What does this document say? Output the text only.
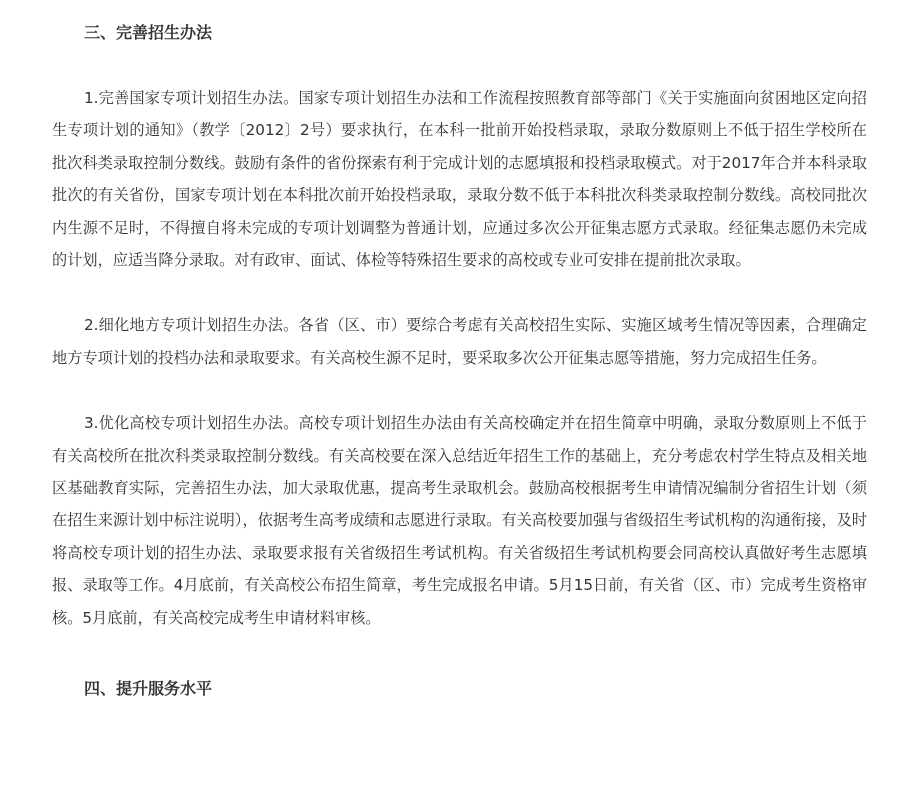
三、完善招生办法

1.完善国家专项计划招生办法。国家专项计划招生办法和工作流程按照教育部等部门《关于实施面向贫困地区定向招生专项计划的通知》（教学〔2012〕2号）要求执行，在本科一批前开始投档录取，录取分数原则上不低于招生学校所在批次科类录取控制分数线。鼓励有条件的省份探索有利于完成计划的志愿填报和投档录取模式。对于2017年合并本科录取批次的有关省份，国家专项计划在本科批次前开始投档录取，录取分数不低于本科批次科类录取控制分数线。高校同批次内生源不足时，不得擅自将未完成的专项计划调整为普通计划，应通过多次公开征集志愿方式录取。经征集志愿仍未完成的计划，应适当降分录取。对有政审、面试、体检等特殊招生要求的高校或专业可安排在提前批次录取。

2.细化地方专项计划招生办法。各省（区、市）要综合考虑有关高校招生实际、实施区域考生情况等因素，合理确定地方专项计划的投档办法和录取要求。有关高校生源不足时，要采取多次公开征集志愿等措施，努力完成招生任务。

3.优化高校专项计划招生办法。高校专项计划招生办法由有关高校确定并在招生简章中明确，录取分数原则上不低于有关高校所在批次科类录取控制分数线。有关高校要在深入总结近年招生工作的基础上，充分考虑农村学生特点及相关地区基础教育实际，完善招生办法，加大录取优惠，提高考生录取机会。鼓励高校根据考生申请情况编制分省招生计划（须在招生来源计划中标注说明），依据考生高考成绩和志愿进行录取。有关高校要加强与省级招生考试机构的沟通衔接，及时将高校专项计划的招生办法、录取要求报有关省级招生考试机构。有关省级招生考试机构要会同高校认真做好考生志愿填报、录取等工作。4月底前，有关高校公布招生简章，考生完成报名申请。5月15日前，有关省（区、市）完成考生资格审核。5月底前，有关高校完成考生申请材料审核。

四、提升服务水平
